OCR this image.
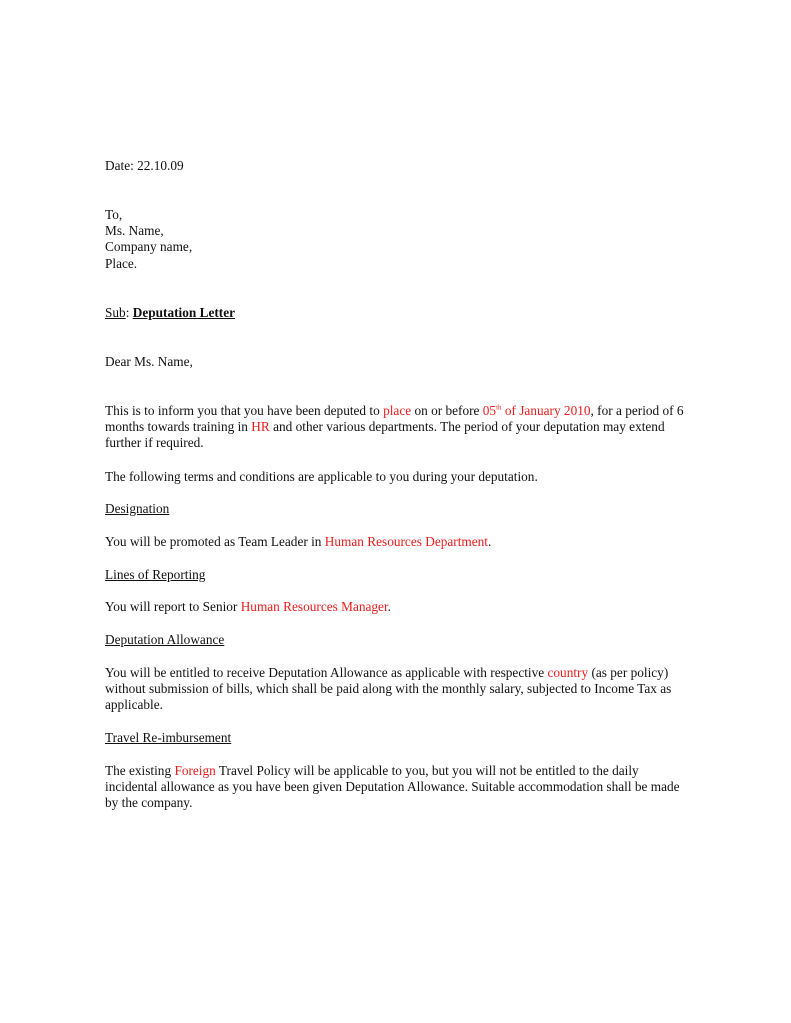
Date: 22.10.09

To,

Ms. Name,

Company name,

Place.

Sub: Deputation Letter

Dear Ms. Name,

This is to inform you that you have been deputed to place on or before 05th of January 2010, for a period of 6 months towards training in HR and other various departments. The period of your deputation may extend further if required.

The following terms and conditions are applicable to you during your deputation.

Designation

You will be promoted as Team Leader in Human Resources Department.

Lines of Reporting

You will report to Senior Human Resources Manager.

Deputation Allowance

You will be entitled to receive Deputation Allowance as applicable with respective country (as per policy) without submission of bills, which shall be paid along with the monthly salary, subjected to Income Tax as applicable.

Travel Re-imbursement

The existing Foreign Travel Policy will be applicable to you, but you will not be entitled to the daily incidental allowance as you have been given Deputation Allowance. Suitable accommodation shall be made by the company.
